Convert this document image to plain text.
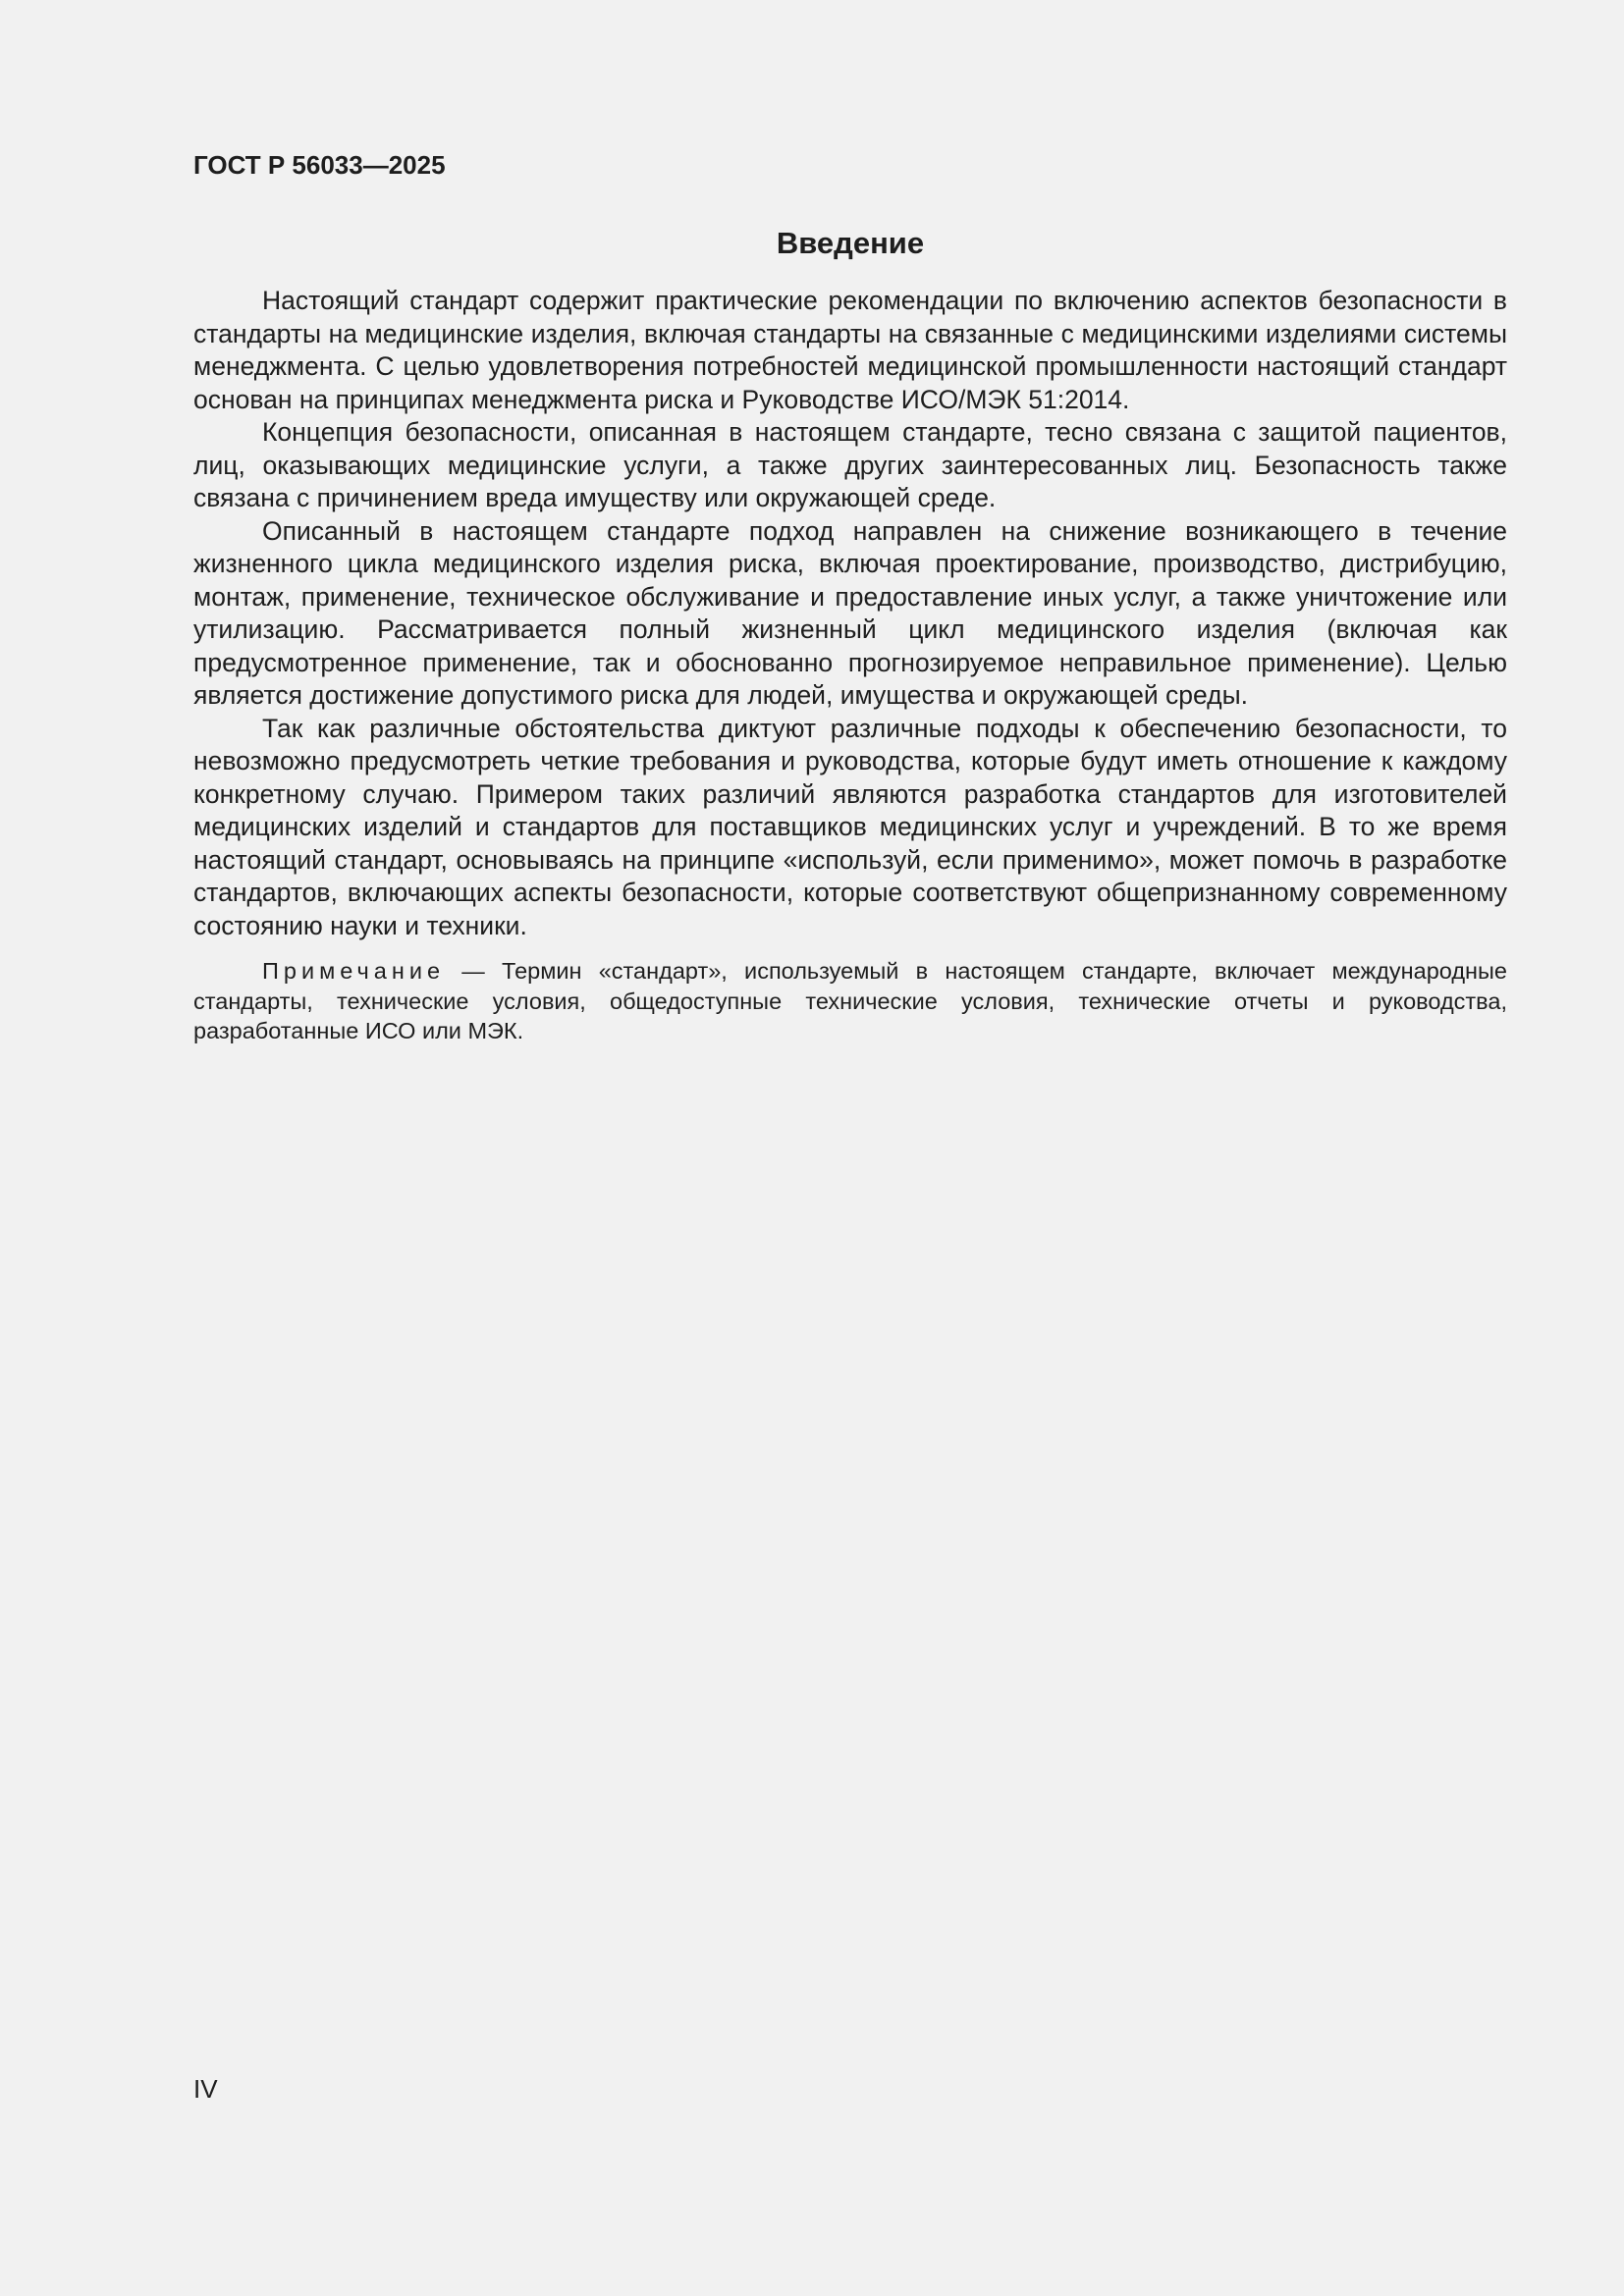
ГОСТ Р 56033—2025
Введение

Настоящий стандарт содержит практические рекомендации по включению аспектов безопасности в стандарты на медицинские изделия, включая стандарты на связанные с медицинскими изделиями системы менеджмента. С целью удовлетворения потребностей медицинской промышленности настоящий стандарт основан на принципах менеджмента риска и Руководстве ИСО/МЭК 51:2014.

Концепция безопасности, описанная в настоящем стандарте, тесно связана с защитой пациентов, лиц, оказывающих медицинские услуги, а также других заинтересованных лиц. Безопасность также связана с причинением вреда имуществу или окружающей среде.

Описанный в настоящем стандарте подход направлен на снижение возникающего в течение жизненного цикла медицинского изделия риска, включая проектирование, производство, дистрибуцию, монтаж, применение, техническое обслуживание и предоставление иных услуг, а также уничтожение или утилизацию. Рассматривается полный жизненный цикл медицинского изделия (включая как предусмотренное применение, так и обоснованно прогнозируемое неправильное применение). Целью является достижение допустимого риска для людей, имущества и окружающей среды.

Так как различные обстоятельства диктуют различные подходы к обеспечению безопасности, то невозможно предусмотреть четкие требования и руководства, которые будут иметь отношение к каждому конкретному случаю. Примером таких различий являются разработка стандартов для изготовителей медицинских изделий и стандартов для поставщиков медицинских услуг и учреждений. В то же время настоящий стандарт, основываясь на принципе «используй, если применимо», может помочь в разработке стандартов, включающих аспекты безопасности, которые соответствуют общепризнанному современному состоянию науки и техники.

Примечание — Термин «стандарт», используемый в настоящем стандарте, включает международные стандарты, технические условия, общедоступные технические условия, технические отчеты и руководства, разработанные ИСО или МЭК.

IV
